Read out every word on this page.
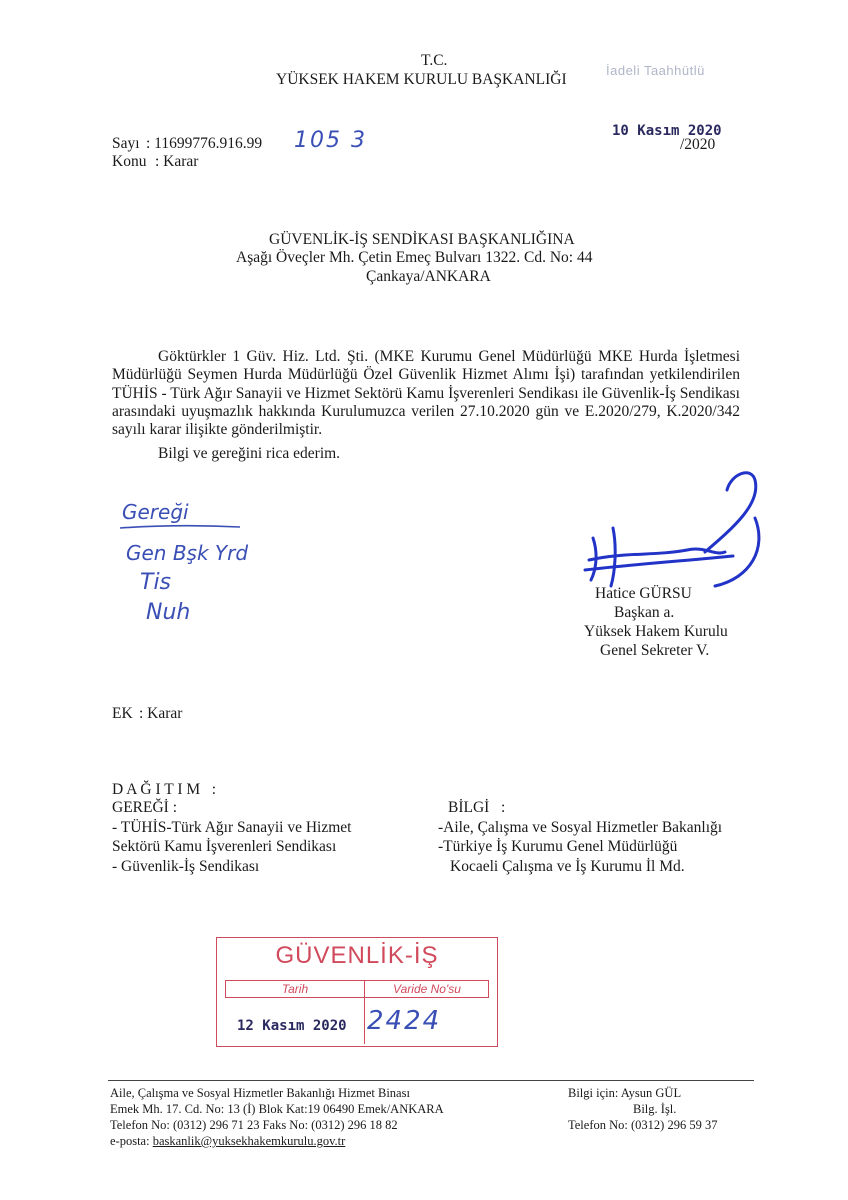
T.C.
YÜKSEK HAKEM KURULU BAŞKANLIĞI
İadeli Taahhütlü
Sayı : 11699776.916.99 105 3
Konu : Karar
10 Kasım 2020
/2020
GÜVENLİK-İŞ SENDİKASI BAŞKANLIĞINA
Aşağı Öveçler Mh. Çetin Emeç Bulvarı 1322. Cd. No: 44
Çankaya/ANKARA
Göktürkler 1 Güv. Hiz. Ltd. Şti. (MKE Kurumu Genel Müdürlüğü MKE Hurda İşletmesi Müdürlüğü Seymen Hurda Müdürlüğü Özel Güvenlik Hizmet Alımı İşi) tarafından yetkilendirilen TÜHİS - Türk Ağır Sanayii ve Hizmet Sektörü Kamu İşverenleri Sendikası ile Güvenlik-İş Sendikası arasındaki uyuşmazlık hakkında Kurulumuzca verilen 27.10.2020 gün ve E.2020/279, K.2020/342 sayılı karar ilişikte gönderilmiştir.
Bilgi ve gereğini rica ederim.
Gereği
Gen Bşk Yrd
Tis
Nuh
Hatice GÜRSU
Başkan a.
Yüksek Hakem Kurulu
Genel Sekreter V.
EK : Karar
D A Ğ I T I M   :
GEREĞİ :
- TÜHİS-Türk Ağır Sanayii ve Hizmet
Sektörü Kamu İşverenleri Sendikası
- Güvenlik-İş Sendikası
BİLGİ   :
-Aile, Çalışma ve Sosyal Hizmetler Bakanlığı
-Türkiye İş Kurumu Genel Müdürlüğü
Kocaeli Çalışma ve İş Kurumu İl Md.
GÜVENLİK-İŞ
Tarih	Varide No'su
12 Kasım 2020 2424
Aile, Çalışma ve Sosyal Hizmetler Bakanlığı Hizmet Binası
Emek Mh. 17. Cd. No: 13 (İ) Blok Kat:19 06490 Emek/ANKARA
Telefon No: (0312) 296 71 23 Faks No: (0312) 296 18 82
e-posta: baskanlik@yuksekhakemkurulu.gov.tr
Bilgi için: Aysun GÜL
Bilg. İşl.
Telefon No: (0312) 296 59 37
